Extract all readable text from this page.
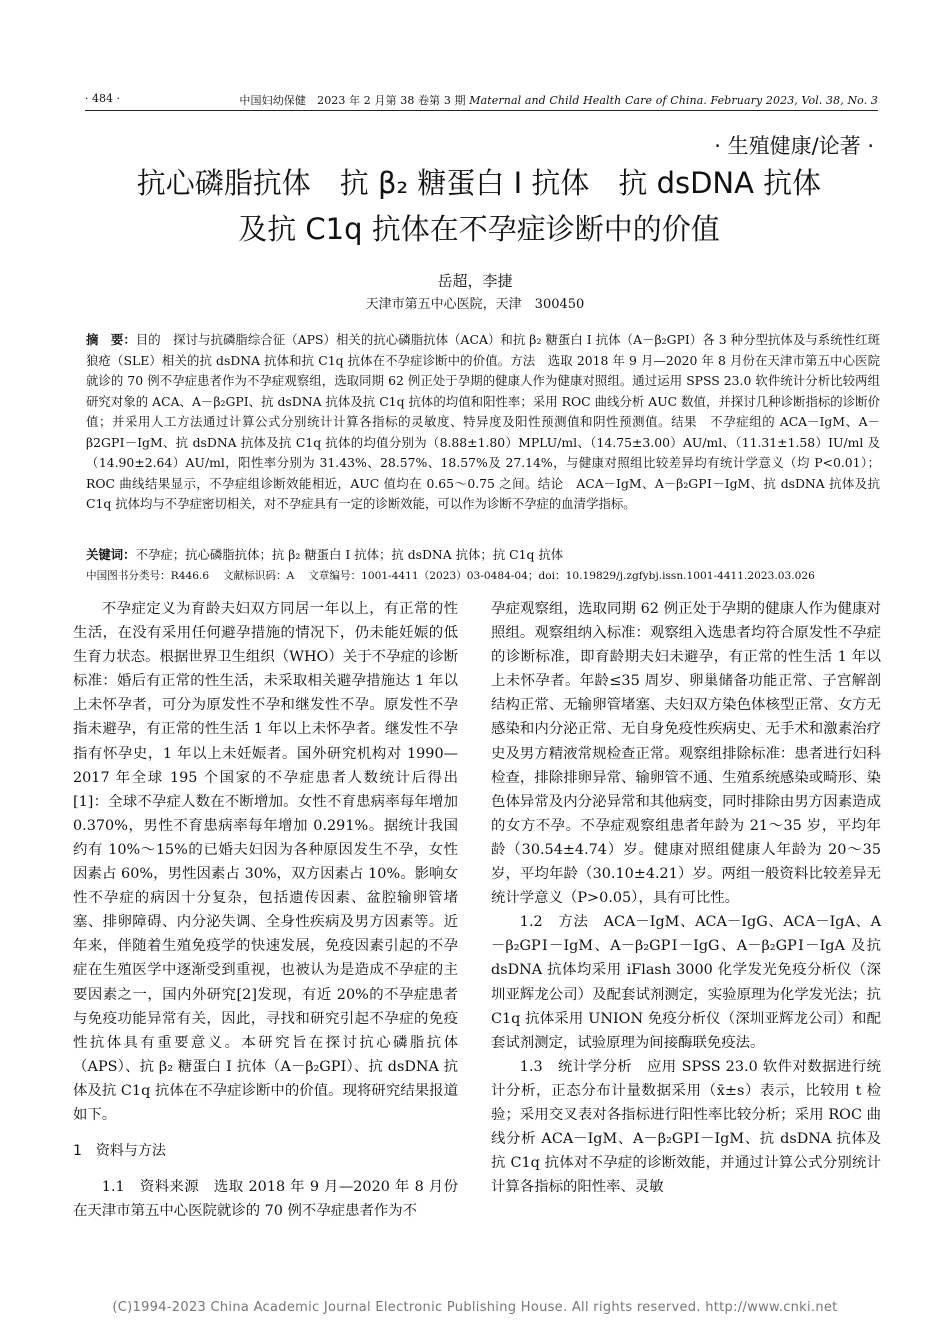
· 484 ·	中国妇幼保健　2023 年 2 月第 38 卷第 3 期 Maternal and Child Health Care of China. February 2023, Vol. 38, No. 3
· 生殖健康/论著 ·
抗心磷脂抗体　抗 β₂ 糖蛋白 Ⅰ 抗体　抗 dsDNA 抗体
及抗 C1q 抗体在不孕症诊断中的价值
岳超，李捷
天津市第五中心医院，天津　300450
摘　要：目的　探讨与抗磷脂综合征（APS）相关的抗心磷脂抗体（ACA）和抗 β₂ 糖蛋白 Ⅰ 抗体（A－β₂GPⅠ）各 3 种分型抗体及与系统性红斑狼疮（SLE）相关的抗 dsDNA 抗体和抗 C1q 抗体在不孕症诊断中的价值。方法　选取 2018 年 9 月—2020 年 8 月份在天津市第五中心医院就诊的 70 例不孕症患者作为不孕症观察组，选取同期 62 例正处于孕期的健康人作为健康对照组。通过运用 SPSS 23.0 软件统计分析比较两组研究对象的 ACA、A－β₂GPⅠ、抗 dsDNA 抗体及抗 C1q 抗体的均值和阳性率；采用 ROC 曲线分析 AUC 数值，并探讨几种诊断指标的诊断价值；并采用人工方法通过计算公式分别统计计算各指标的灵敏度、特异度及阳性预测值和阴性预测值。结果　不孕症组的 ACA－IgM、A－β2GPⅠ－IgM、抗 dsDNA 抗体及抗 C1q 抗体的均值分别为（8.88±1.80）MPLU/ml、（14.75±3.00）AU/ml、（11.31±1.58）IU/ml 及（14.90±2.64）AU/ml，阳性率分别为 31.43%、28.57%、18.57%及 27.14%，与健康对照组比较差异均有统计学意义（均 P<0.01）；ROC 曲线结果显示，不孕症组诊断效能相近，AUC 值均在 0.65～0.75 之间。结论　ACA－IgM、A－β₂GPⅠ－IgM、抗 dsDNA 抗体及抗 C1q 抗体均与不孕症密切相关，对不孕症具有一定的诊断效能，可以作为诊断不孕症的血清学指标。
关键词：不孕症；抗心磷脂抗体；抗 β₂ 糖蛋白 Ⅰ 抗体；抗 dsDNA 抗体；抗 C1q 抗体
中国图书分类号：R446.6　 文献标识码：A　 文章编号：1001-4411（2023）03-0484-04；doi：10.19829/j.zgfybj.issn.1001-4411.2023.03.026

不孕症定义为育龄夫妇双方同居一年以上，有正常的性生活，在没有采用任何避孕措施的情况下，仍未能妊娠的低生育力状态。根据世界卫生组织（WHO）关于不孕症的诊断标准：婚后有正常的性生活，未采取相关避孕措施达 1 年以上未怀孕者，可分为原发性不孕和继发性不孕。原发性不孕指未避孕，有正常的性生活 1 年以上未怀孕者。继发性不孕指有怀孕史，1 年以上未妊娠者。国外研究机构对 1990—2017 年全球 195 个国家的不孕症患者人数统计后得出[1]：全球不孕症人数在不断增加。女性不育患病率每年增加 0.370%，男性不育患病率每年增加 0.291%。据统计我国约有 10%～15%的已婚夫妇因为各种原因发生不孕，女性因素占 60%，男性因素占 30%，双方因素占 10%。影响女性不孕症的病因十分复杂，包括遗传因素、盆腔输卵管堵塞、排卵障碍、内分泌失调、全身性疾病及男方因素等。近年来，伴随着生殖免疫学的快速发展，免疫因素引起的不孕症在生殖医学中逐渐受到重视，也被认为是造成不孕症的主要因素之一，国内外研究[2]发现，有近 20%的不孕症患者与免疫功能异常有关，因此，寻找和研究引起不孕症的免疫性抗体具有重要意义。本研究旨在探讨抗心磷脂抗体（APS）、抗 β₂ 糖蛋白 Ⅰ 抗体（A－β₂GPⅠ）、抗 dsDNA 抗体及抗 C1q 抗体在不孕症诊断中的价值。现将研究结果报道如下。

1　资料与方法

1.1　资料来源　选取 2018 年 9 月—2020 年 8 月份在天津市第五中心医院就诊的 70 例不孕症患者作为不

孕症观察组，选取同期 62 例正处于孕期的健康人作为健康对照组。观察组纳入标准：观察组入选患者均符合原发性不孕症的诊断标准，即育龄期夫妇未避孕，有正常的性生活 1 年以上未怀孕者。年龄≤35 周岁、卵巢储备功能正常、子宫解剖结构正常、无输卵管堵塞、夫妇双方染色体核型正常、女方无感染和内分泌正常、无自身免疫性疾病史、无手术和激素治疗史及男方精液常规检查正常。观察组排除标准：患者进行妇科检查，排除排卵异常、输卵管不通、生殖系统感染或畸形、染色体异常及内分泌异常和其他病变，同时排除由男方因素造成的女方不孕。不孕症观察组患者年龄为 21～35 岁，平均年龄（30.54±4.74）岁。健康对照组健康人年龄为 20～35 岁，平均年龄（30.10±4.21）岁。两组一般资料比较差异无统计学意义（P>0.05），具有可比性。

1.2　方法　ACA－IgM、ACA－IgG、ACA－IgA、A－β₂GPⅠ－IgM、A－β₂GPⅠ－IgG、A－β₂GPⅠ－IgA 及抗 dsDNA 抗体均采用 iFlash 3000 化学发光免疫分析仪（深圳亚辉龙公司）及配套试剂测定，实验原理为化学发光法；抗 C1q 抗体采用 UNION 免疫分析仪（深圳亚辉龙公司）和配套试剂测定，试验原理为间接酶联免疫法。

1.3　统计学分析　应用 SPSS 23.0 软件对数据进行统计分析，正态分布计量数据采用（x̄±s）表示，比较用 t 检验；采用交叉表对各指标进行阳性率比较分析；采用 ROC 曲线分析 ACA－IgM、A－β₂GPⅠ－IgM、抗 dsDNA 抗体及抗 C1q 抗体对不孕症的诊断效能，并通过计算公式分别统计计算各指标的阳性率、灵敏

(C)1994-2023 China Academic Journal Electronic Publishing House. All rights reserved. http://www.cnki.net
